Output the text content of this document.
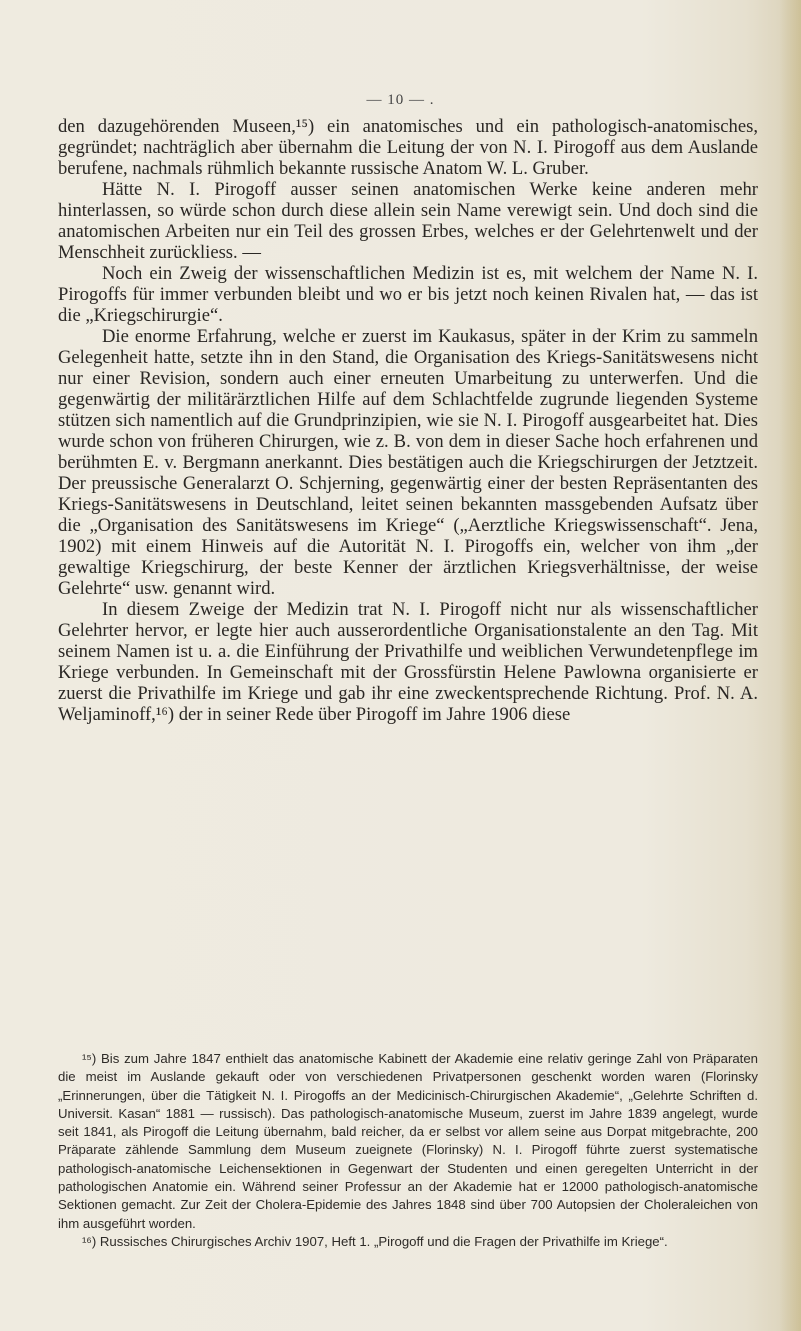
— 10 — .

den dazugehörenden Museen,¹⁵) ein anatomisches und ein pathologisch-anatomisches, gegründet; nachträglich aber übernahm die Leitung der von N. I. Pirogoff aus dem Auslande berufene, nachmals rühmlich bekannte russische Anatom W. L. Gruber.

Hätte N. I. Pirogoff ausser seinen anatomischen Werke keine anderen mehr hinterlassen, so würde schon durch diese allein sein Name verewigt sein. Und doch sind die anatomischen Arbeiten nur ein Teil des grossen Erbes, welches er der Gelehrtenwelt und der Menschheit zurückliess. —

Noch ein Zweig der wissenschaftlichen Medizin ist es, mit welchem der Name N. I. Pirogoffs für immer verbunden bleibt und wo er bis jetzt noch keinen Rivalen hat, — das ist die „Kriegschirurgie“.

Die enorme Erfahrung, welche er zuerst im Kaukasus, später in der Krim zu sammeln Gelegenheit hatte, setzte ihn in den Stand, die Organisation des Kriegs-Sanitätswesens nicht nur einer Revision, sondern auch einer erneuten Umarbeitung zu unterwerfen. Und die gegenwärtig der militärärztlichen Hilfe auf dem Schlachtfelde zugrunde liegenden Systeme stützen sich namentlich auf die Grundprinzipien, wie sie N. I. Pirogoff ausgearbeitet hat. Dies wurde schon von früheren Chirurgen, wie z. B. von dem in dieser Sache hoch erfahrenen und berühmten E. v. Bergmann anerkannt. Dies bestätigen auch die Kriegschirurgen der Jetztzeit. Der preussische Generalarzt O. Schjerning, gegenwärtig einer der besten Repräsentanten des Kriegs-Sanitätswesens in Deutschland, leitet seinen bekannten massgebenden Aufsatz über die „Organisation des Sanitätswesens im Kriege“ („Aerztliche Kriegswissenschaft“. Jena, 1902) mit einem Hinweis auf die Autorität N. I. Pirogoffs ein, welcher von ihm „der gewaltige Kriegschirurg, der beste Kenner der ärztlichen Kriegsverhältnisse, der weise Gelehrte“ usw. genannt wird.

In diesem Zweige der Medizin trat N. I. Pirogoff nicht nur als wissenschaftlicher Gelehrter hervor, er legte hier auch ausserordentliche Organisationstalente an den Tag. Mit seinem Namen ist u. a. die Einführung der Privathilfe und weiblichen Verwundetenpflege im Kriege verbunden. In Gemeinschaft mit der Grossfürstin Helene Pawlowna organisierte er zuerst die Privathilfe im Kriege und gab ihr eine zweckentsprechende Richtung. Prof. N. A. Weljaminoff,¹⁶) der in seiner Rede über Pirogoff im Jahre 1906 diese

¹⁵) Bis zum Jahre 1847 enthielt das anatomische Kabinett der Akademie eine relativ geringe Zahl von Präparaten die meist im Auslande gekauft oder von verschiedenen Privatpersonen geschenkt worden waren (Florinsky „Erinnerungen, über die Tätigkeit N. I. Pirogoffs an der Medicinisch-Chirurgischen Akademie“, „Gelehrte Schriften d. Universit. Kasan“ 1881 — russisch). Das pathologisch-anatomische Museum, zuerst im Jahre 1839 angelegt, wurde seit 1841, als Pirogoff die Leitung übernahm, bald reicher, da er selbst vor allem seine aus Dorpat mitgebrachte, 200 Präparate zählende Sammlung dem Museum zueignete (Florinsky) N. I. Pirogoff führte zuerst systematische pathologisch-anatomische Leichensektionen in Gegenwart der Studenten und einen geregelten Unterricht in der pathologischen Anatomie ein. Während seiner Professur an der Akademie hat er 12000 pathologisch-anatomische Sektionen gemacht. Zur Zeit der Cholera-Epidemie des Jahres 1848 sind über 700 Autopsien der Choleraleichen von ihm ausgeführt worden.

¹⁶) Russisches Chirurgisches Archiv 1907, Heft 1. „Pirogoff und die Fragen der Privathilfe im Kriege“.
